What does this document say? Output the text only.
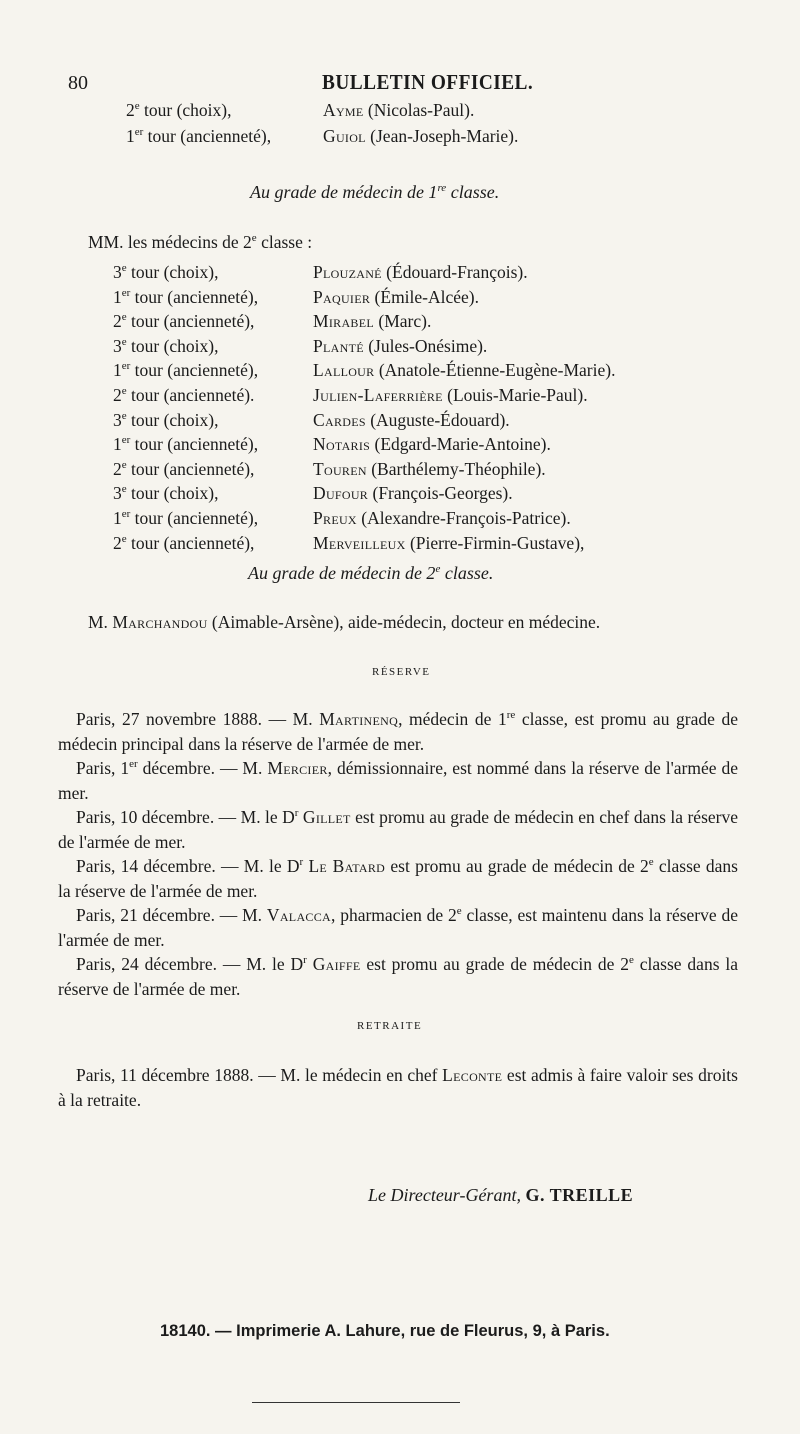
80	BULLETIN OFFICIEL.
2e tour (choix),	Ayme (Nicolas-Paul).
1er tour (ancienneté),	Guiol (Jean-Joseph-Marie).
Au grade de médecin de 1re classe.
MM. les médecins de 2e classe :
3e tour (choix),	Plouzané (Édouard-François).
1er tour (ancienneté),	Paquier (Émile-Alcée).
2e tour (ancienneté),	Mirabel (Marc).
3e tour (choix),	Planté (Jules-Onésime).
1er tour (ancienneté),	Lallour (Anatole-Étienne-Eugène-Marie).
2e tour (ancienneté).	Julien-Laferrière (Louis-Marie-Paul).
3e tour (choix),	Cardes (Auguste-Édouard).
1er tour (ancienneté),	Notaris (Edgard-Marie-Antoine).
2e tour (ancienneté),	Touren (Barthélemy-Théophile).
3e tour (choix),	Dufour (François-Georges).
1er tour (ancienneté),	Preux (Alexandre-François-Patrice).
2e tour (ancienneté),	Merveilleux (Pierre-Firmin-Gustave),
Au grade de médecin de 2e classe.
M. Marchandou (Aimable-Arsène), aide-médecin, docteur en médecine.
RÉSERVE

Paris, 27 novembre 1888. — M. Martinenq, médecin de 1re classe, est promu au grade de médecin principal dans la réserve de l'armée de mer.

Paris, 1er décembre. — M. Mercier, démissionnaire, est nommé dans la réserve de l'armée de mer.

Paris, 10 décembre. — M. le $D^r$ Gillet est promu au grade de médecin en chef dans la réserve de l'armée de mer.

Paris, 14 décembre. — M. le $D^r$ Le Batard est promu au grade de médecin de 2e classe dans la réserve de l'armée de mer.

Paris, 21 décembre. — M. Valacca, pharmacien de 2e classe, est maintenu dans la réserve de l'armée de mer.

Paris, 24 décembre. — M. le $D^r$ Gaiffe est promu au grade de médecin de 2e classe dans la réserve de l'armée de mer.

RETRAITE

Paris, 11 décembre 1888. — M. le médecin en chef Leconte est admis à faire valoir ses droits à la retraite.

Le Directeur-Gérant, G. TREILLE
18140. — Imprimerie A. Lahure, rue de Fleurus, 9, à Paris.
